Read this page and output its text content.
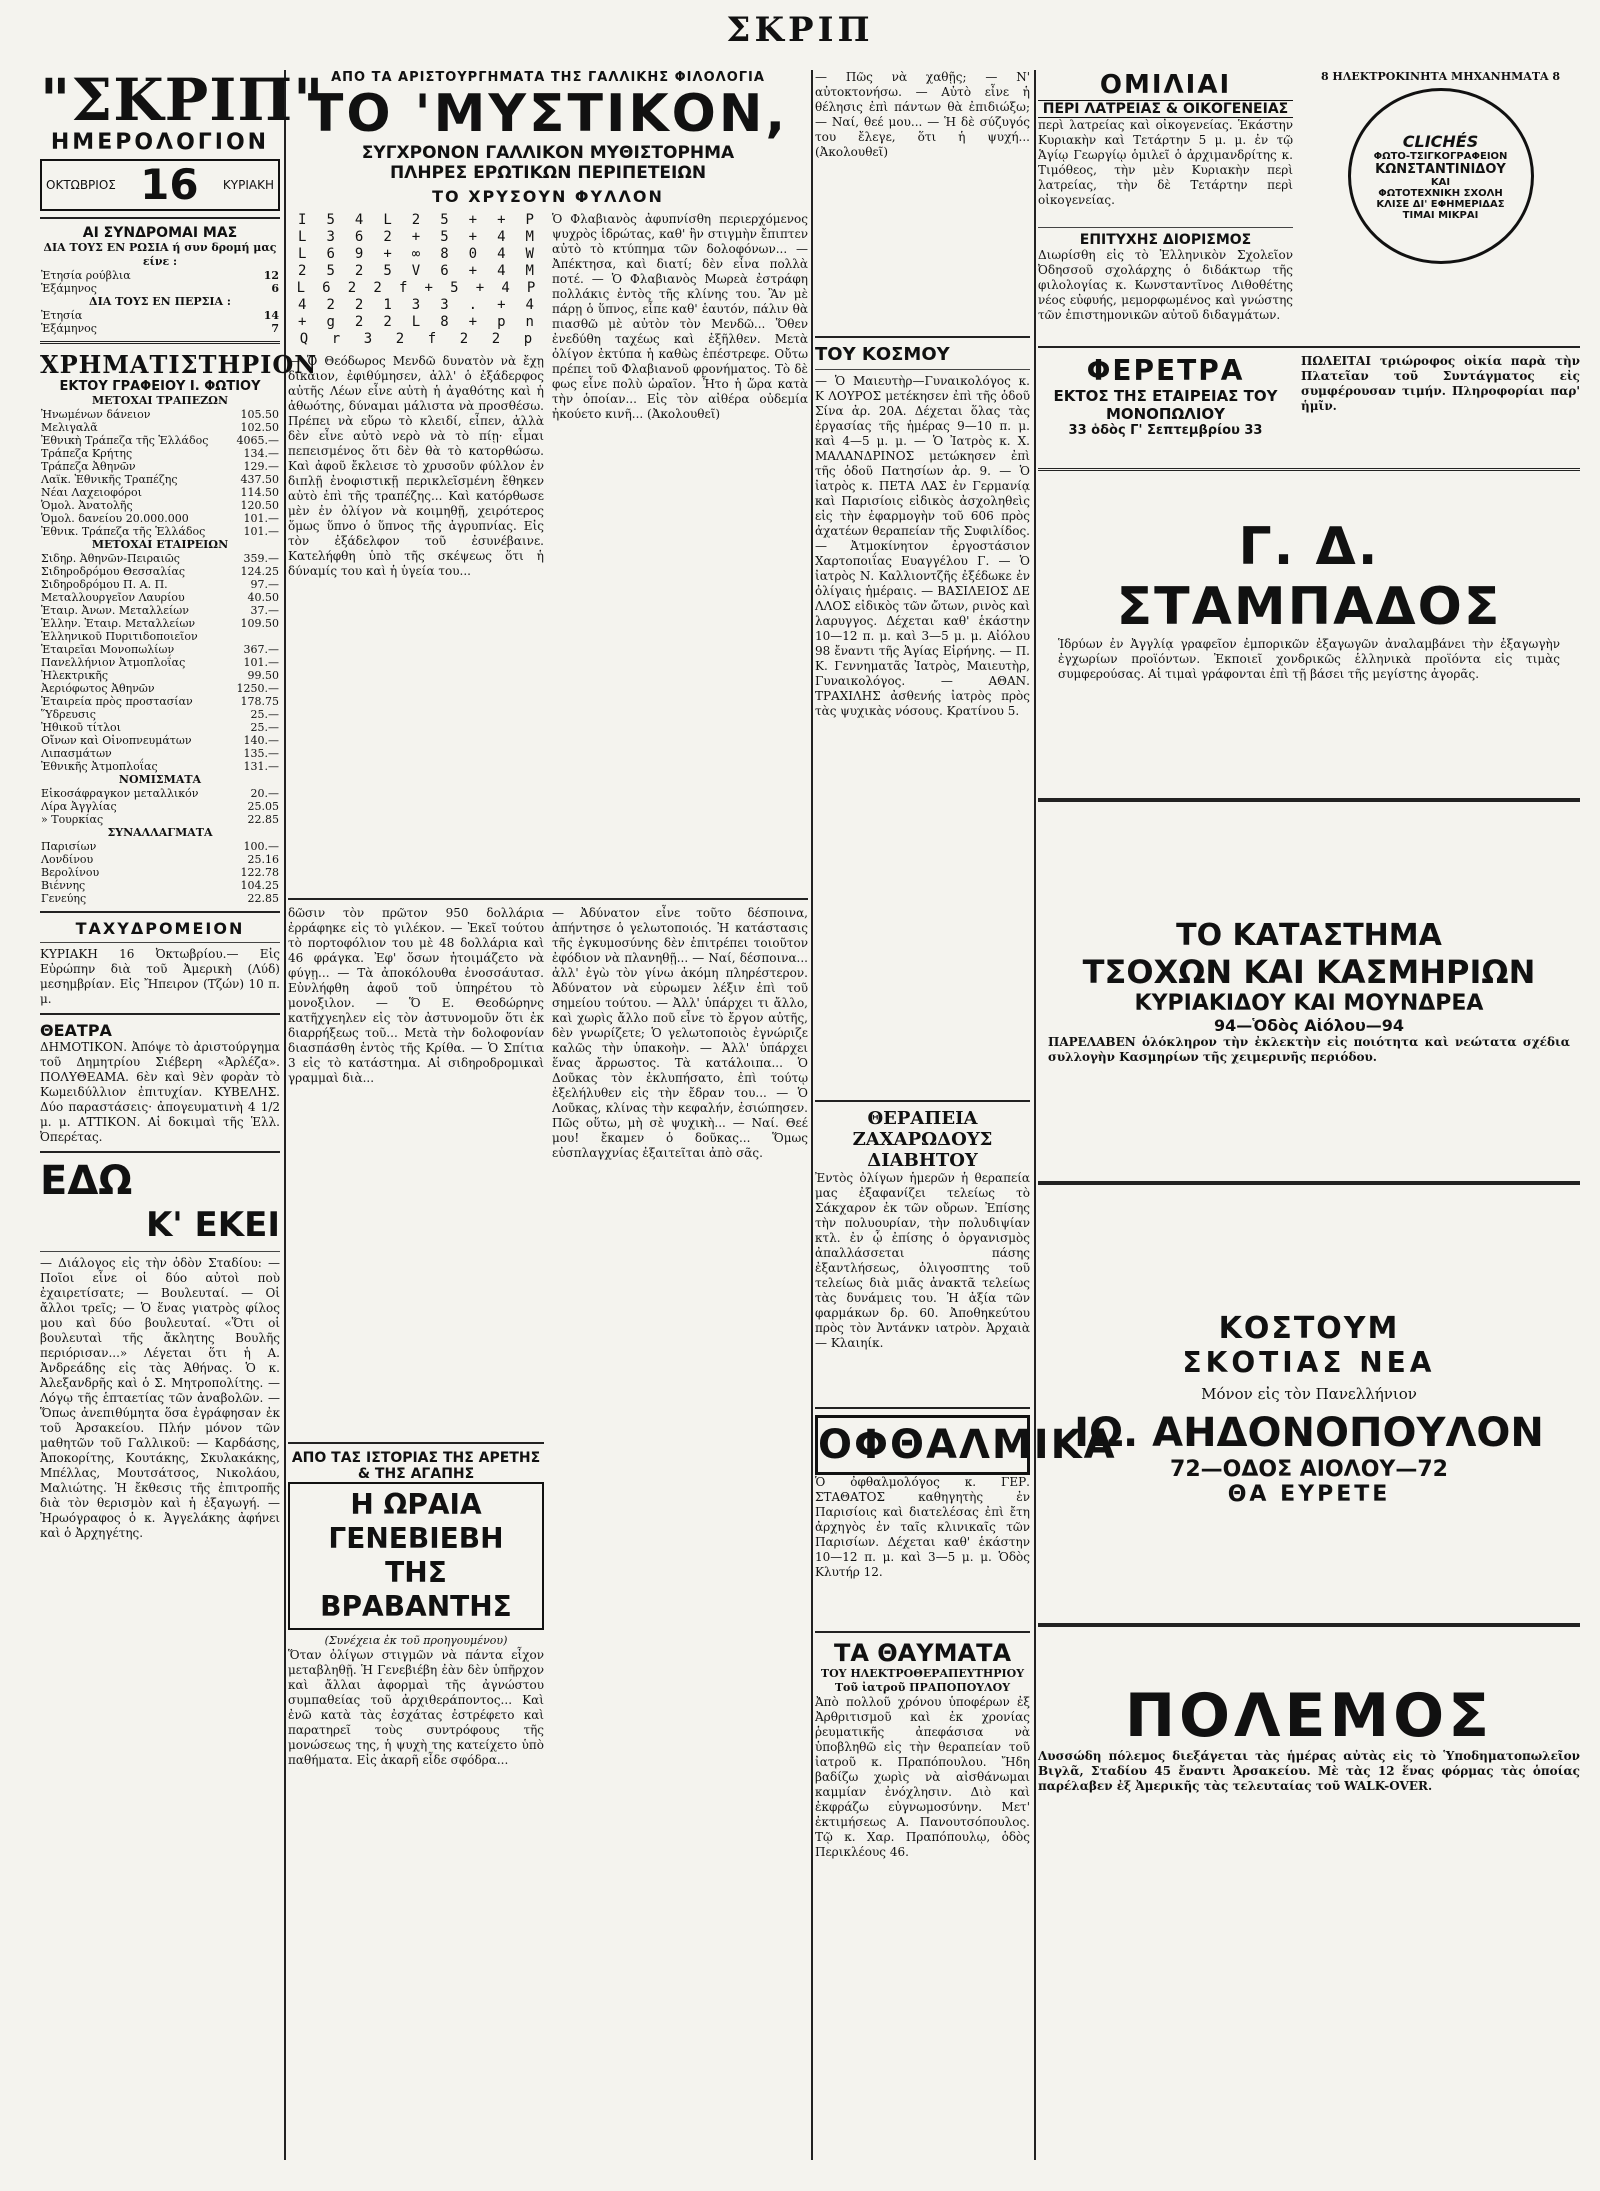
ΣΚΡΙΠ
"ΣΚΡΙΠ"
ΗΜΕΡΟΛΟΓΙΟΝ
ΟΚΤΩΒΡΙΟΣ 16 ΚΥΡΙΑΚΗ
ΑΙ ΣΥΝΔΡΟΜΑΙ ΜΑΣ
ΔΙΑ ΤΟΥΣ ΕΝ ΡΩΣΙΑ ή συν δρομή μας είνε :
Ἐτησία ρούβλια	12
Ἑξάμηνος	6
ΔΙΑ ΤΟΥΣ ΕΝ ΠΕΡΣΙΑ :
Ἐτησία	14
Ἑξάμηνος	7
ΧΡΗΜΑΤΙΣΤΗΡΙΟΝ
ΕΚΤΟΥ ΓΡΑΦΕΙΟΥ Ι. ΦΩΤΙΟΥ
ΜΕΤΟΧΑΙ ΤΡΑΠΕΖΩΝ
Ἠνωμένων δάνειον	105.50
Μελιγαλᾶ	102.50
Ἐθνικὴ Τράπεζα τῆς Ἑλλάδος	4065.—
Τράπεζα Κρήτης	134.—
Τράπεζα Ἀθηνῶν	129.—
Λαϊκ. Ἐθνικῆς Τραπέζης	437.50
Νέαι Λαχειοφόροι	114.50
Ὁμολ. Ἀνατολῆς	120.50
Ὁμολ. δανείου 20.000.000	101.—
Ἐθνικ. Τράπεζα τῆς Ἑλλάδος	101.—
ΜΕΤΟΧΑΙ ΕΤΑΙΡΕΙΩΝ
Σιδηρ. Ἀθηνῶν-Πειραιῶς	359.—
Σιδηροδρόμου Θεσσαλίας	124.25
Σιδηροδρόμου Π. Α. Π.	97.—
Μεταλλουργεῖον Λαυρίου	40.50
Ἑταιρ. Ἀνων. Μεταλλείων	37.—
Ἑλλην. Ἑταιρ. Μεταλλείων	109.50
Ἑλληνικοῦ Πυριτιδοποιεῖον	
Ἑταιρεῖαι Μονοπωλίων	367.—
Πανελλήνιον Ἀτμοπλοΐας	101.—
Ἠλεκτρικῆς	99.50
Ἀεριόφωτος Ἀθηνῶν	1250.—
Ἑταιρεία πρὸς προστασίαν	178.75
Ὕδρευσις	25.—
Ἠθικοῦ τίτλοι	25.—
Οἴνων καὶ Οἰνοπνευμάτων	140.—
Λιπασμάτων	135.—
Ἐθνικῆς Ἀτμοπλοΐας	131.—
ΝΟΜΙΣΜΑΤΑ
Εἰκοσάφραγκον μεταλλικόν	20.—
Λίρα Ἀγγλίας	25.05
» Τουρκίας	22.85
ΣΥΝΑΛΛΑΓΜΑΤΑ
Παρισίων	100.—
Λονδίνου	25.16
Βερολίνου	122.78
Βιέννης	104.25
Γενεύης	22.85
ΤΑΧΥΔΡΟΜΕΙΟΝ
ΚΥΡΙΑΚΗ 16 Ὀκτωβρίου.— Εἰς Εὐρώπην διὰ τοῦ Ἀμερικὴ (Λύδ) μεσημβρίαν. Εἰς Ἤπειρον (Τζών) 10 π. μ.
ΘΕΑΤΡΑ
ΔΗΜΟΤΙΚΟΝ. Ἀπόψε τὸ ἀριστούργημα τοῦ Δημητρίου Σιέβερη «Ἀρλέζα». ΠΟΛΥΘΕΑΜΑ. 6ὲν καὶ 9ὲν φορὰν τὸ Κωμειδύλλιον ἐπιτυχίαν. ΚΥΒΕΛΗΣ. Δύο παραστάσεις· ἀπογευματινὴ 4 1/2 μ. μ. ΑΤΤΙΚΟΝ. Αἱ δοκιμαὶ τῆς Ἑλλ. Ὀπερέτας.
ΕΔΩ
Κ' ΕΚΕΙ
— Διάλογος εἰς τὴν ὁδὸν Σταδίου: — Ποῖοι εἶνε οἱ δύο αὐτοὶ ποὺ ἐχαιρετίσατε; — Βουλευταί. — Οἱ ἄλλοι τρεῖς; — Ὁ ἕνας γιατρὸς φίλος μου καὶ δύο βουλευταί. «Ὅτι οἱ βουλευταὶ τῆς ἄκλητης Βουλῆς περιόρισαν...» Λέγεται ὅτι ἡ Α. Ἀνδρεάδης εἰς τὰς Ἀθήνας. Ὁ κ. Ἀλεξανδρῆς καὶ ὁ Σ. Μητροπολίτης. — Λόγῳ τῆς ἑπταετίας τῶν ἀναβολῶν. — Ὅπως ἀνεπιθύμητα ὅσα ἐγράφησαν ἐκ τοῦ Ἀρσακείου. Πλήν μόνον τῶν μαθητῶν τοῦ Γαλλικοῦ: — Καρδάσης, Ἀποκορίτης, Κουτάκης, Σκυλακάκης, Μπέλλας, Μουτσάτσος, Νικολάου, Μαλιώτης. Ἡ ἔκθεσις τῆς ἐπιτροπῆς διὰ τὸν θερισμὸν καὶ ἡ ἐξαγωγή. — Ἠρωόγραφος ὁ κ. Ἀγγελάκης ἀφήνει καὶ ὁ Ἀρχηγέτης.
ΑΠΟ ΤΑ ΑΡΙΣΤΟΥΡΓΗΜΑΤΑ ΤΗΣ ΓΑΛΛΙΚΗΣ ΦΙΛΟΛΟΓΙΑ
ΤΟ 'ΜΥΣΤΙΚΟΝ,
ΣΥΓΧΡΟΝΟΝ ΓΑΛΛΙΚΟΝ ΜΥΘΙΣΤΟΡΗΜΑ
ΠΛΗΡΕΣ ΕΡΩΤΙΚΩΝ ΠΕΡΙΠΕΤΕΙΩΝ
ΤΟ ΧΡΥΣΟΥΝ ΦΥΛΛΟΝ
I	5	4	L	2	5	+	+	P
L	3	6	2	+	5	+	4	M
L	6	9	+	∞	8	0	4	W
2	5	2	5	V	6	+	4	M
L	6	2	2	f	+	5	+	4	P
4	2	2	1	3	3	.	+	4
+	g	2	2	L	8	+	p	n
Q	r	3	2	f	2	2	p
— Ὁ Θεόδωρος Μενδῶ δυνατὸν νὰ ἔχῃ δίκαιον, ἐφιθύμησεν, ἀλλ' ὁ ἐξάδερφος αὐτῆς Λέων εἶνε αὐτὴ ἡ ἀγαθότης καὶ ἡ ἀθωότης, δύναμαι μάλιστα νὰ προσθέσω. Πρέπει νὰ εὕρω τὸ κλειδί, εἶπεν, ἀλλὰ δὲν εἶνε αὐτὸ νερὸ νὰ τὸ πίῃ· εἶμαι πεπεισμένος ὅτι δὲν θὰ τὸ κατορθώσω. Καὶ ἀφοῦ ἔκλεισε τὸ χρυσοῦν φύλλον ἐν διπλῇ ἐνοφιστικῇ περικλεῖσμένη ἔθηκεν αὐτὸ ἐπὶ τῆς τραπέζης... Καὶ κατόρθωσε μὲν ἐν ὀλίγον νὰ κοιμηθῇ, χειρότερος ὅμως ὕπνο ὁ ὕπνος τῆς ἀγρυπνίας. Εἰς τὸν ἐξάδελφον τοῦ ἐσυνέβαινε. Κατελήφθη ὑπὸ τῆς σκέψεως ὅτι ἡ δύναμίς του καὶ ἡ ὑγεία του...
Ὁ Φλαβιανὸς ἀφυπνίσθη περιερχόμενος ψυχρὸς ἱδρώτας, καθ' ἣν στιγμὴν ἔπιπτεν αὐτὸ τὸ κτύπημα τῶν δολοφόνων... — Ἀπέκτησα, καὶ διατί; δὲν εἶνα πολλὰ ποτέ. — Ὁ Φλαβιανὸς Μωρεὰ ἐστράφη πολλάκις ἐντὸς τῆς κλίνης του. Ἂν μὲ πάρῃ ὁ ὕπνος, εἶπε καθ' ἑαυτόν, πάλιν θὰ πιασθῶ μὲ αὐτὸν τὸν Μενδῶ... Ὅθεν ἐνεδύθη ταχέως καὶ ἐξῆλθεν. Μετὰ ὀλίγον ἐκτύπα ἡ καθὼς ἐπέστρεφε. Οὔτω πρέπει τοῦ Φλαβιανοῦ φρονήματος. Τὸ δὲ φως εἶνε πολὺ ὡραῖον. Ἦτο ἡ ὥρα κατὰ τὴν ὁποίαν... Εἰς τὸν αἰθέρα οὐδεμία ἠκούετο κινῆ... (Ἀκολουθεῖ)
δῶσιν τὸν πρῶτον 950 δολλάρια ἐρράφηκε εἰς τὸ γιλέκον. — Ἐκεῖ τούτου τὸ πορτοφόλιον του μὲ 48 δολλάρια καὶ 46 φράγκα. Ἐφ' ὅσων ἠτοιμάζετο νὰ φύγῃ... — Τὰ ἀποκόλουθα ἐνοσσάυτασ. Εὐνλήφθη ἀφοῦ τοῦ ὑπηρέτου τὸ μονοξιλον. — Ὅ Ε. Θεοδώρηνς κατῆχγεηλεν εἰς τὸν ἀστυνομοῦν ὅτι ἐκ διαρρήξεως τοῦ... Μετὰ τὴν δολοφονίαν διασπάσθη ἐντὸς τῆς Κρίθα. — Ὁ Σπίτια 3 εἰς τὸ κατάστημα. Αἱ σιδηροδρομικαὶ γραμμαὶ διὰ...
ΑΠΟ ΤΑΣ ΙΣΤΟΡΙΑΣ ΤΗΣ ΑΡΕΤΗΣ & ΤΗΣ ΑΓΑΠΗΣ
Η ΩΡΑΙΑ ΓΕΝΕΒΙΕΒΗ ΤΗΣ ΒΡΑΒΑΝΤΗΣ
(Συνέχεια ἐκ τοῦ προηγουμένου)
Ὅταν ὀλίγων στιγμῶν νὰ πάντα εἶχον μεταβληθῇ. Ἡ Γενεβιέβη ἐὰν δὲν ὑπῆρχον καὶ ἄλλαι ἀφορμαὶ τῆς ἀγνώστου συμπαθείας τοῦ ἀρχιθεράποντος... Καὶ ἐνῶ κατὰ τὰς ἐσχάτας ἐστρέφετο καὶ παρατηρεῖ τοὺς συντρόφους τῆς μονώσεως της, ἡ ψυχὴ της κατείχετο ὑπὸ παθήματα. Εἰς ἀκαρῆ εἶδε σφόδρα...
— Ἀδύνατον εἶνε τοῦτο δέσποινα, ἀπήντησε ὁ γελωτοποιός. Ἡ κατάστασις τῆς ἐγκυμοσύνης δὲν ἐπιτρέπει τοιοῦτον ἐφόδιον νὰ πλανηθῇ... — Ναί, δέσποινα... ἀλλ' ἐγὼ τὸν γίνω ἀκόμη πληρέστερον. Ἀδύνατον νὰ εὑρωμεν λέξιν ἐπὶ τοῦ σημείου τούτου. — Ἀλλ' ὑπάρχει τι ἄλλο, καὶ χωρὶς ἄλλο ποῦ εἶνε τὸ ἔργον αὐτῆς, δὲν γνωρίζετε; Ὁ γελωτοποιὸς ἐγνώριζε καλῶς τὴν ὑπακοὴν. — Ἀλλ' ὑπάρχει ἕνας ἄρρωστος. Τὰ κατάλοιπα... Ὁ Δοῦκας τὸν ἐκλυπήσατο, ἐπὶ τούτῳ ἐξελήλυθεν εἰς τὴν ἔδραν του... — Ὁ Λοῦκας, κλίνας τὴν κεφαλήν, ἐσιώπησεν. Πῶς οὕτω, μὴ σὲ ψυχικὴ... — Ναί. Θεέ μου! ἔκαμεν ὁ δοῦκας... Ὅμως εὐσπλαγχνίας ἐξαιτεῖται ἀπὸ σᾶς.
— Πῶς νὰ χαθῇς; — Ν' αὐτοκτονήσω. — Αὐτὸ εἶνε ἡ θέλησις ἐπὶ πάντων θὰ ἐπιδιώξω; — Ναί, θεέ μου... — Ἡ δὲ σύζυγός του ἔλεγε, ὅτι ἡ ψυχή... (Ἀκολουθεῖ)
ΤΟΥ ΚΟΣΜΟΥ
— Ὁ Μαιευτὴρ—Γυναικολόγος κ. Κ ΛΟΥΡΟΣ μετέκησεν ἐπὶ τῆς ὁδοῦ Σίνα ἀρ. 20Α. Δέχεται ὅλας τὰς ἐργασίας τῆς ἡμέρας 9—10 π. μ. καὶ 4—5 μ. μ. — Ὁ Ἰατρὸς κ. Χ. ΜΑΛΑΝΔΡΙΝΟΣ μετώκησεν ἐπὶ τῆς ὁδοῦ Πατησίων ἀρ. 9. — Ὁ ἰατρὸς κ. ΠΕΤΑ ΛΑΣ ἐν Γερμανίᾳ καὶ Παρισίοις εἰδικὸς ἀσχοληθεὶς εἰς τὴν ἐφαρμογὴν τοῦ 606 πρὸς ἀχατέων θεραπείαν τῆς Συφιλίδος. — Ἀτμοκίνητον ἐργοστάσιον Χαρτοποιΐας Ευαγγέλου Γ. — Ὁ ἰατρὸς Ν. Καλλιοντζῆς ἐξέδωκε ἐν ὀλίγαις ἡμέραις. — ΒΑΣΙΛΕΙΟΣ ΔΕ ΛΛΟΣ εἰδικὸς τῶν ὤτων, ρινὸς καὶ λαρυγγος. Δέχεται καθ' ἑκάστην 10—12 π. μ. καὶ 3—5 μ. μ. Αἰόλου 98 ἔναντι τῆς Ἁγίας Εἰρήνης. — Π. Κ. Γεννηματᾶς Ἰατρὸς, Μαιευτὴρ, Γυναικολόγος. — ΑΘΑΝ. ΤΡΑΧΙΛΗΣ ἀσθενής ἰατρὸς πρὸς τὰς ψυχικὰς νόσους. Κρατίνου 5.
ΘΕΡΑΠΕΙΑ ΖΑΧΑΡΩΔΟΥΣ ΔΙΑΒΗΤΟΥ
Ἐντὸς ὀλίγων ἡμερῶν ἡ θεραπεία μας ἐξαφανίζει τελείως τὸ Σάκχαρον ἐκ τῶν οὔρων. Ἐπίσης τὴν πολυουρίαν, τὴν πολυδιψίαν κτλ. ἐν ᾧ ἐπίσης ὁ ὀργανισμὸς ἀπαλλάσσεται πάσης ἐξαντλήσεως, ὀλιγοσπτης τοῦ τελείως διὰ μιᾶς ἀνακτᾶ τελείως τὰς δυνάμεις του. Ἡ ἀξία τῶν φαρμάκων δρ. 60. Ἀποθηκεύτου πρὸς τὸν Ἀντάνκν ιατρὸν. Ἀρχαιὰ — Κλαιηίκ.
ΟΦΘΑΛΜΙΚΑ
Ὁ ὀφθαλμολόγος κ. ΓΕΡ. ΣΤΑΘΑΤΟΣ καθηγητὴς ἐν Παρισίοις καὶ διατελέσας ἐπὶ ἔτη ἀρχηγὸς ἐν ταῖς κλινικαῖς τῶν Παρισίων. Δέχεται καθ' ἑκάστην 10—12 π. μ. καὶ 3—5 μ. μ. Ὁδὸς Κλυτήρ 12.
ΤΑ ΘΑΥΜΑΤΑ
ΤΟΥ ΗΛΕΚΤΡΟΘΕΡΑΠΕΥΤΗΡΙΟΥ Τοῦ ἰατροῦ ΠΡΑΠΟΠΟΥΛΟΥ
Ἀπὸ πολλοῦ χρόνου ὑποφέρων ἐξ Ἀρθριτισμοῦ καὶ ἐκ χρονίας ῥευματικῆς ἀπεφάσισα νὰ ὑποβληθῶ εἰς τὴν θεραπείαν τοῦ ἰατροῦ κ. Πραπόπουλου. Ἤδη βαδίζω χωρὶς νὰ αἰσθάνωμαι καμμίαν ἐνόχλησιν. Διὸ καὶ ἐκφράζω εὐγνωμοσύνην. Μετ' ἐκτιμήσεως Α. Πανουτσόπουλος. Τῷ κ. Χαρ. Πραπόπουλῳ, ὁδὸς Περικλέους 46.
ΟΜΙΛΙΑΙ
ΠΕΡΙ ΛΑΤΡΕΙΑΣ & ΟΙΚΟΓΕΝΕΙΑΣ
περὶ λατρείας καὶ οἰκογενείας. Ἑκάστην Κυριακὴν καὶ Τετάρτην 5 μ. μ. ἐν τῷ Ἁγίῳ Γεωργίῳ ὁμιλεῖ ὁ ἀρχιμανδρίτης κ. Τιμόθεος, τὴν μὲν Κυριακὴν περὶ λατρείας, τὴν δὲ Τετάρτην περὶ οἰκογενείας.
ΕΠΙΤΥΧΗΣ ΔΙΟΡΙΣΜΟΣ
Διωρίσθη εἰς τὸ Ἑλληνικὸν Σχολεῖον Ὀδησσοῦ σχολάρχης ὁ διδάκτωρ τῆς φιλολογίας κ. Κωνσταντῖνος Λιθοθέτης νέος εὐφυής, μεμορφωμένος καὶ γνώστης τῶν ἐπιστημονικῶν αὐτοῦ διδαγμάτων.
8 ΗΛΕΚΤΡΟΚΙΝΗΤΑ ΜΗΧΑΝΗΜΑΤΑ 8
CLICHÉS
ΦΩΤΟ-ΤΣΙΓΚΟΓΡΑΦΕΙΟΝ
ΚΩΝΣΤΑΝΤΙΝΙΔΟΥ
ΚΑΙ
ΦΩΤΟΤΕΧΝΙΚΗ ΣΧΟΛΗ
ΚΛΙΣΕ ΔΙ' ΕΦΗΜΕΡΙΔΑΣ
ΤΙΜΑΙ ΜΙΚΡΑΙ
ΦΕΡΕΤΡΑ
ΕΚΤΟΣ ΤΗΣ ΕΤΑΙΡΕΙΑΣ ΤΟΥ ΜΟΝΟΠΩΛΙΟΥ
33 ὁδὸς Γ' Σεπτεμβρίου 33
ΠΩΛΕΙΤΑΙ τριώροφος οἰκία παρὰ τὴν Πλατεῖαν τοῦ Συντάγματος εἰς συμφέρουσαν τιμήν. Πληροφορίαι παρ' ἡμῖν.
Γ. Δ. ΣΤΑΜΠΑΔΟΣ
Ἱδρύων ἐν Ἀγγλίᾳ γραφεῖον ἐμπορικῶν ἐξαγωγῶν ἀναλαμβάνει τὴν ἐξαγωγὴν ἐγχωρίων προϊόντων. Ἐκποιεῖ χονδρικῶς ἑλληνικὰ προϊόντα εἰς τιμὰς συμφερούσας. Αἱ τιμαὶ γράφονται ἐπὶ τῇ βάσει τῆς μεγίστης ἀγορᾶς.
ΤΟ ΚΑΤΑΣΤΗΜΑ
ΤΣΟΧΩΝ ΚΑΙ ΚΑΣΜΗΡΙΩΝ
ΚΥΡΙΑΚΙΔΟΥ ΚΑΙ ΜΟΥΝΔΡΕΑ
94—Ὁδὸς Αἰόλου—94
ΠΑΡΕΛΑΒΕΝ ὁλόκληρον τὴν ἐκλεκτὴν εἰς ποιότητα καὶ νεώτατα σχέδια συλλογὴν Κασμηρίων τῆς χειμερινῆς περιόδου.
ΚΟΣΤΟΥΜ
ΣΚΟΤΙΑΣ ΝΕΑ
Μόνον εἰς τὸν Πανελλήνιον
ΙΩ. ΑΗΔΟΝΟΠΟΥΛΟΝ
72—ΟΔΟΣ ΑΙΟΛΟΥ—72
ΘΑ ΕΥΡΕΤΕ
ΠΟΛΕΜΟΣ
Λυσσώδη πόλεμος διεξάγεται τὰς ἡμέρας αὐτὰς εἰς τὸ Ὑποδηματοπωλεῖον Βιγλᾶ, Σταδίου 45 ἔναντι Ἀρσακείου. Μὲ τὰς 12 ἕνας φόρμας τὰς ὁποίας παρέλαβεν ἐξ Ἀμερικῆς τὰς τελευταίας τοῦ WALK-OVER.
